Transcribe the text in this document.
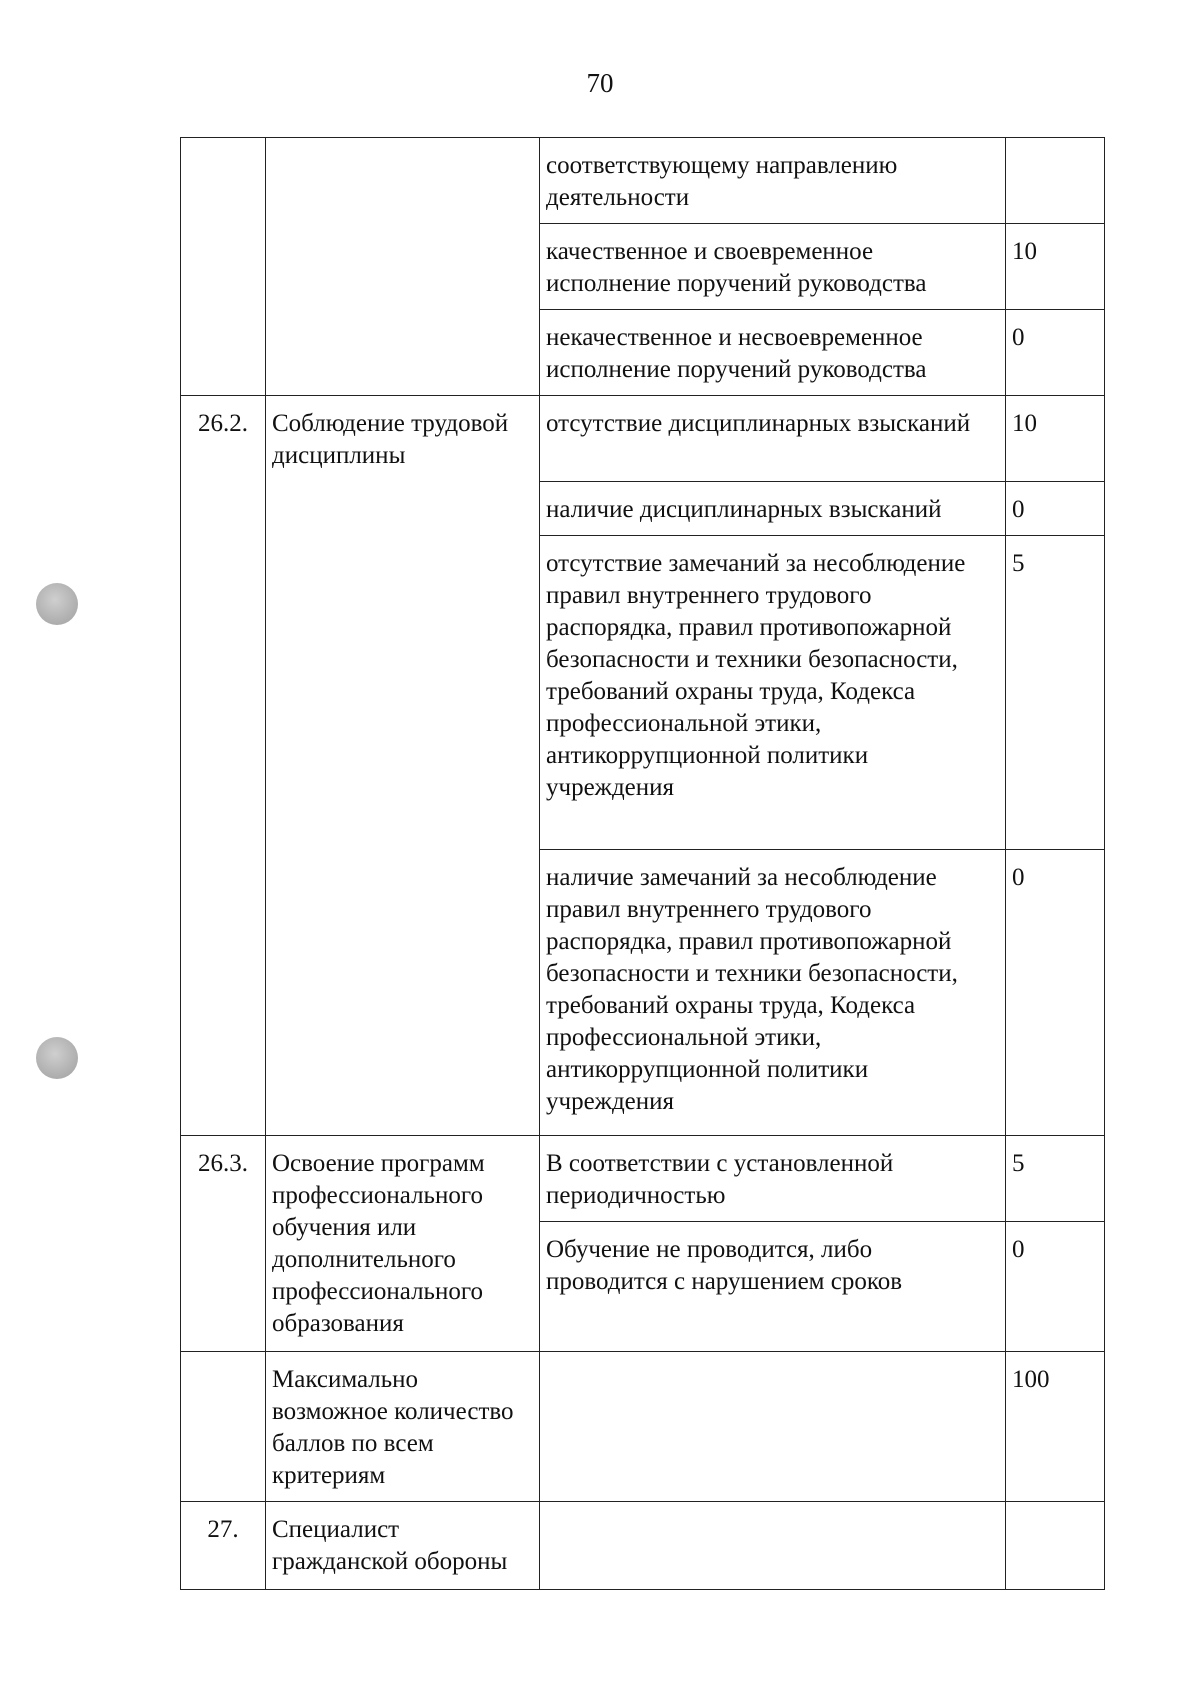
70
		соответствующему направлению деятельности	
		качественное и своевременное исполнение поручений руководства	10
		некачественное и несвоевременное исполнение поручений руководства	0
26.2.	Соблюдение трудовой дисциплины	отсутствие дисциплинарных взысканий	10
		наличие дисциплинарных взысканий	0
		отсутствие замечаний за несоблюдение правил внутреннего трудового распорядка, правил противопожарной безопасности и техники безопасности, требований охраны труда, Кодекса профессиональной этики, антикоррупционной политики учреждения	5
		наличие замечаний за несоблюдение правил внутреннего трудового распорядка, правил противопожарной безопасности и техники безопасности, требований охраны труда, Кодекса профессиональной этики, антикоррупционной политики учреждения	0
26.3.	Освоение программ профессионального обучения или дополнительного профессионального образования	В соответствии с установленной периодичностью	5
		Обучение не проводится, либо проводится с нарушением сроков	0
	Максимально возможное количество баллов по всем критериям		100
27.	Специалист гражданской обороны		
